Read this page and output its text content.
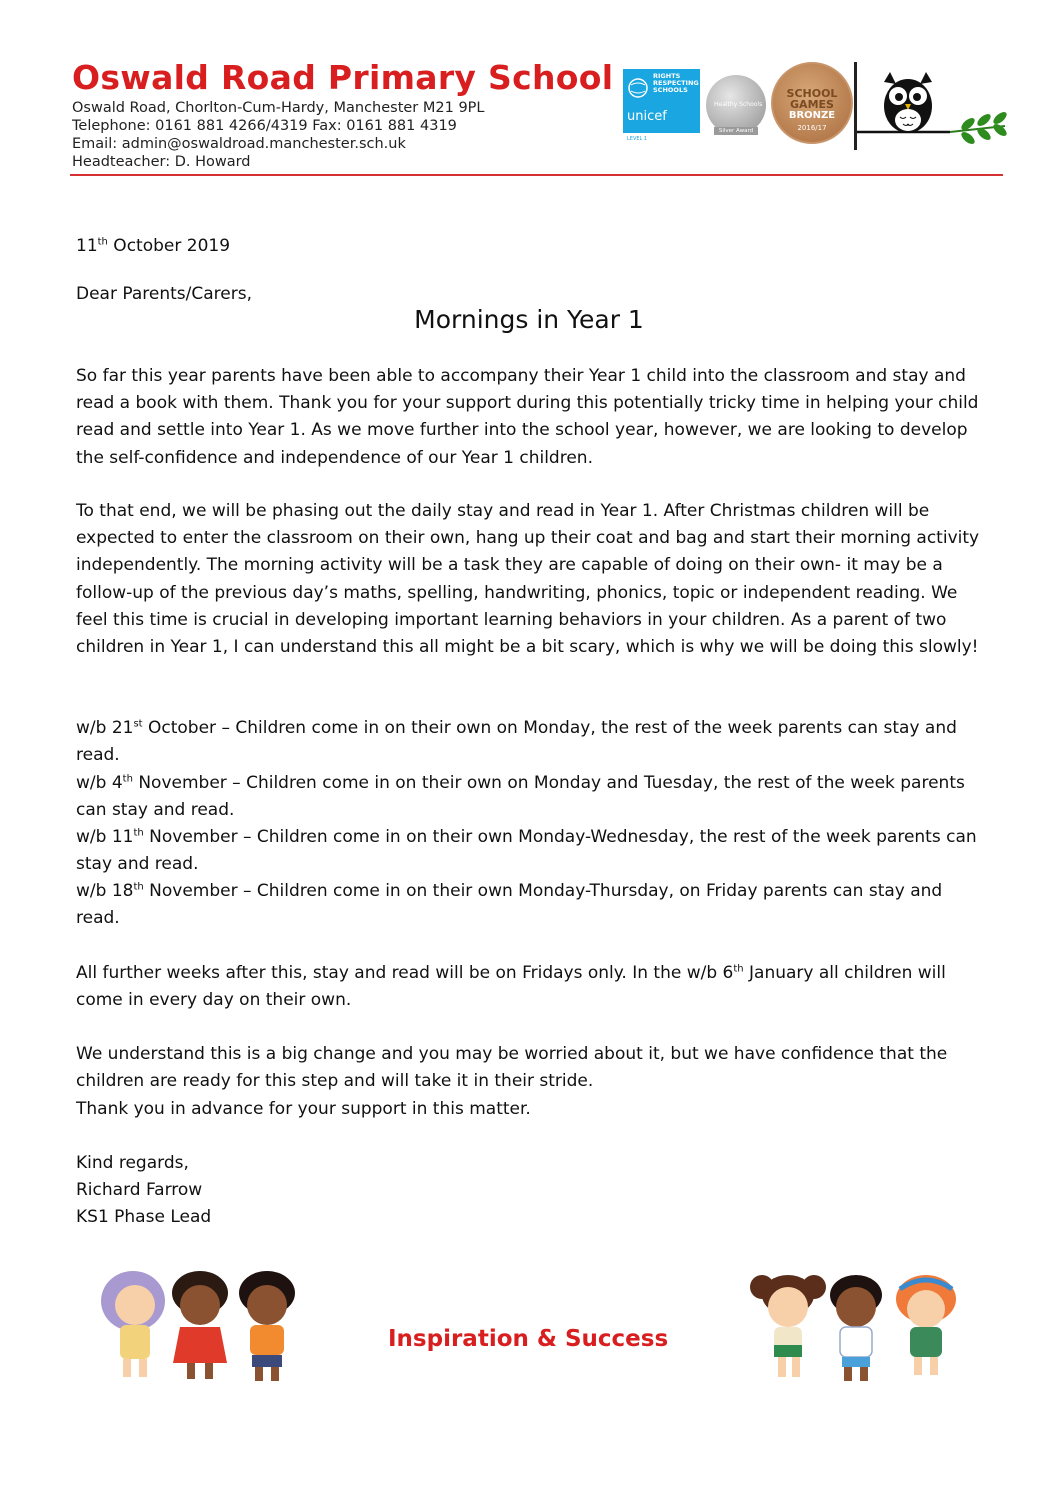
Oswald Road Primary School
Oswald Road, Chorlton-Cum-Hardy, Manchester M21 9PL
Telephone: 0161 881 4266/4319 Fax: 0161 881 4319
Email: admin@oswaldroad.manchester.sch.uk
Headteacher: D. Howard
RIGHTS RESPECTING SCHOOLS
unicef
LEVEL 1
Healthy Schools
Silver Award
SCHOOL GAMES
BRONZE
2016/17
11th October 2019
Dear Parents/Carers,
Mornings in Year 1

So far this year parents have been able to accompany their Year 1 child into the classroom and stay and read a book with them. Thank you for your support during this potentially tricky time in helping your child read and settle into Year 1. As we move further into the school year, however, we are looking to develop the self-confidence and independence of our Year 1 children.

To that end, we will be phasing out the daily stay and read in Year 1. After Christmas children will be expected to enter the classroom on their own, hang up their coat and bag and start their morning activity independently. The morning activity will be a task they are capable of doing on their own- it may be a follow-up of the previous day’s maths, spelling, handwriting, phonics, topic or independent reading. We feel this time is crucial in developing important learning behaviors in your children. As a parent of two children in Year 1, I can understand this all might be a bit scary, which is why we will be doing this slowly!

w/b 21st October – Children come in on their own on Monday, the rest of the week parents can stay and read.
w/b 4th November – Children come in on their own on Monday and Tuesday, the rest of the week parents can stay and read.
w/b 11th November – Children come in on their own Monday-Wednesday, the rest of the week parents can stay and read.
w/b 18th November – Children come in on their own Monday-Thursday, on Friday parents can stay and read.

All further weeks after this, stay and read will be on Fridays only. In the w/b 6th January all children will come in every day on their own.

We understand this is a big change and you may be worried about it, but we have confidence that the children are ready for this step and will take it in their stride.

Thank you in advance for your support in this matter.
Kind regards,
Richard Farrow
KS1 Phase Lead
Inspiration & Success
